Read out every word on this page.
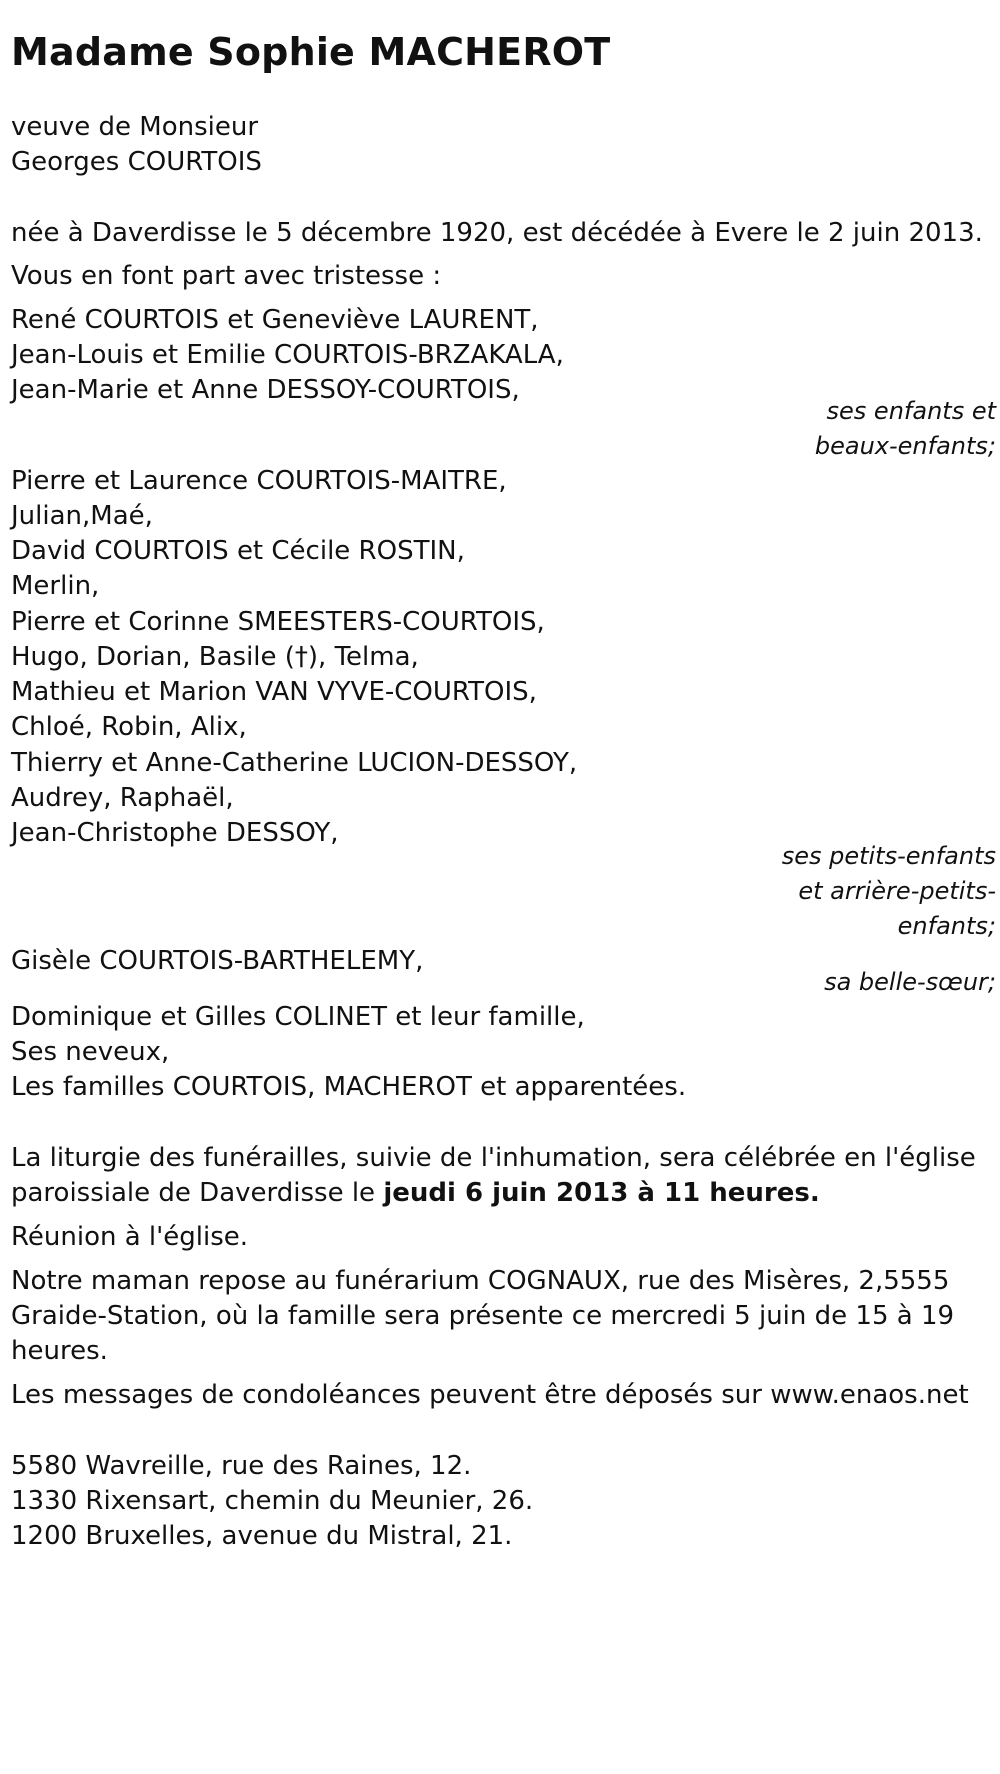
Madame Sophie MACHEROT
veuve de Monsieur
Georges COURTOIS
née à Daverdisse le 5 décembre 1920, est décédée à Evere le 2 juin 2013.
Vous en font part avec tristesse :
René COURTOIS et Geneviève LAURENT,
Jean-Louis et Emilie COURTOIS-BRZAKALA,
Jean-Marie et Anne DESSOY-COURTOIS,
ses enfants et
beaux-enfants;
Pierre et Laurence COURTOIS-MAITRE,
Julian,Maé,
David COURTOIS et Cécile ROSTIN,
Merlin,
Pierre et Corinne SMEESTERS-COURTOIS,
Hugo, Dorian, Basile (†), Telma,
Mathieu et Marion VAN VYVE-COURTOIS,
Chloé, Robin, Alix,
Thierry et Anne-Catherine LUCION-DESSOY,
Audrey, Raphaël,
Jean-Christophe DESSOY,
ses petits-enfants
et arrière-petits-
enfants;
Gisèle COURTOIS-BARTHELEMY,
sa belle-sœur;
Dominique et Gilles COLINET et leur famille,
Ses neveux,
Les familles COURTOIS, MACHEROT et apparentées.
La liturgie des funérailles, suivie de l'inhumation, sera célébrée en l'église
paroissiale de Daverdisse le jeudi 6 juin 2013 à 11 heures.
Réunion à l'église.
Notre maman repose au funérarium COGNAUX, rue des Misères, 2,5555
Graide-Station, où la famille sera présente ce mercredi 5 juin de 15 à 19
heures.
Les messages de condoléances peuvent être déposés sur www.enaos.net
5580 Wavreille, rue des Raines, 12.
1330 Rixensart, chemin du Meunier, 26.
1200 Bruxelles, avenue du Mistral, 21.
